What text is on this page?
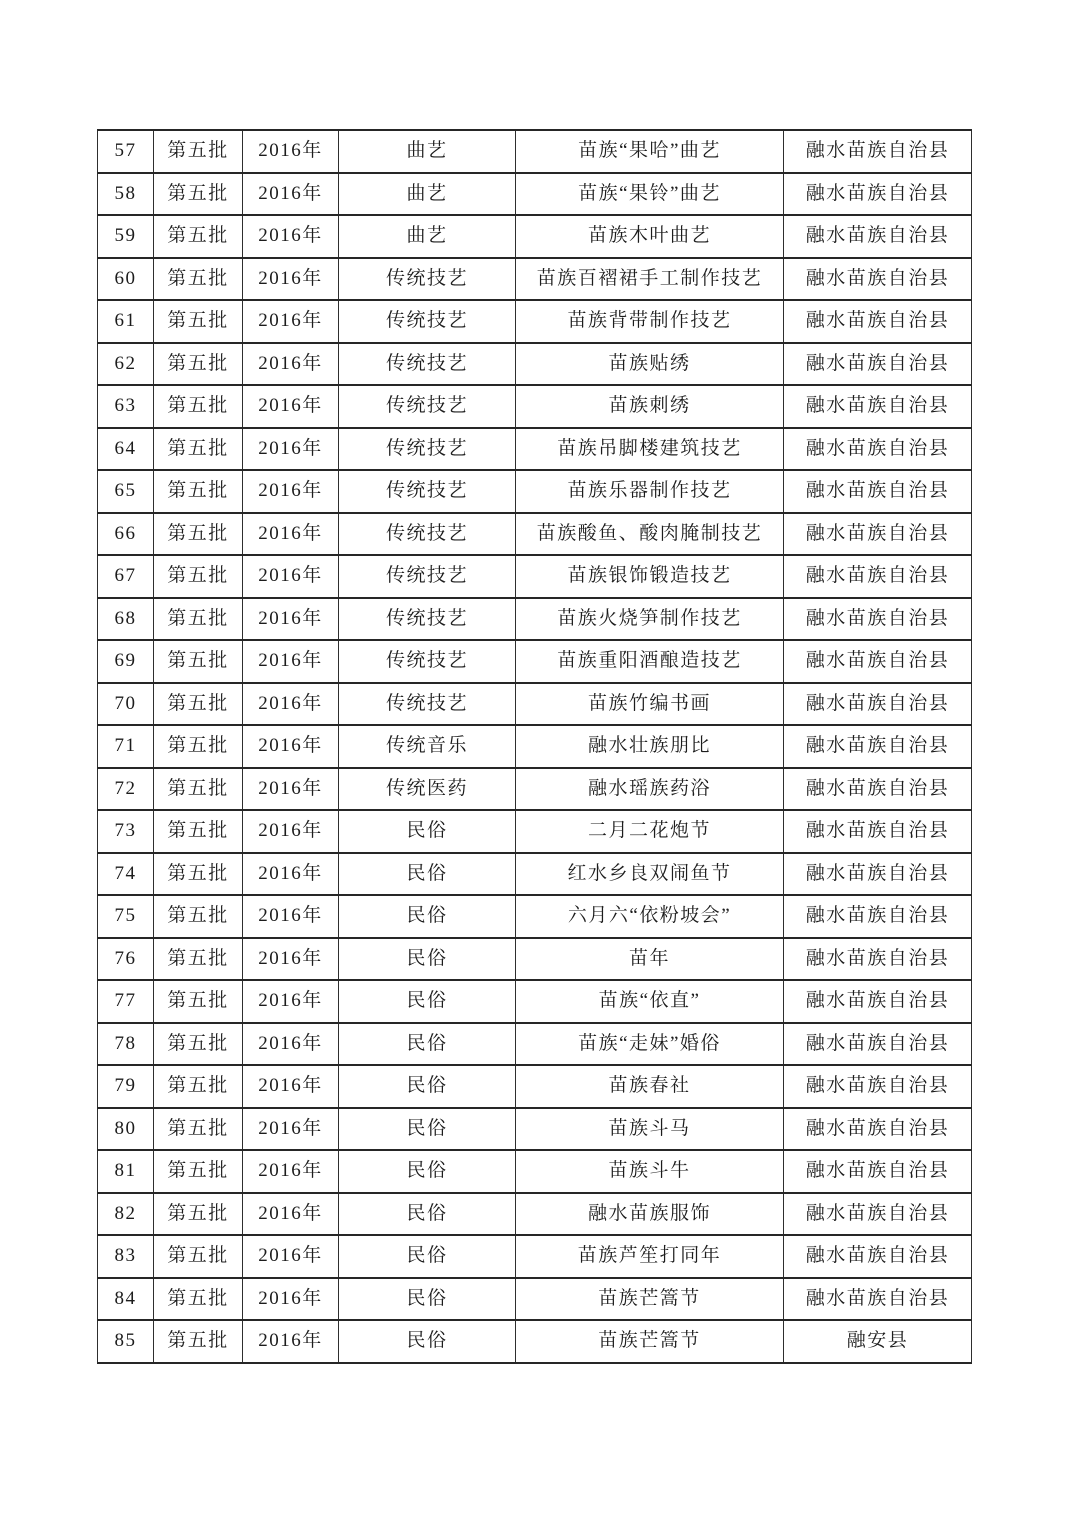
57	第五批	2016年	曲艺	苗族“果哈”曲艺	融水苗族自治县
58	第五批	2016年	曲艺	苗族“果铃”曲艺	融水苗族自治县
59	第五批	2016年	曲艺	苗族木叶曲艺	融水苗族自治县
60	第五批	2016年	传统技艺	苗族百褶裙手工制作技艺	融水苗族自治县
61	第五批	2016年	传统技艺	苗族背带制作技艺	融水苗族自治县
62	第五批	2016年	传统技艺	苗族贴绣	融水苗族自治县
63	第五批	2016年	传统技艺	苗族刺绣	融水苗族自治县
64	第五批	2016年	传统技艺	苗族吊脚楼建筑技艺	融水苗族自治县
65	第五批	2016年	传统技艺	苗族乐器制作技艺	融水苗族自治县
66	第五批	2016年	传统技艺	苗族酸鱼、酸肉腌制技艺	融水苗族自治县
67	第五批	2016年	传统技艺	苗族银饰锻造技艺	融水苗族自治县
68	第五批	2016年	传统技艺	苗族火烧笋制作技艺	融水苗族自治县
69	第五批	2016年	传统技艺	苗族重阳酒酿造技艺	融水苗族自治县
70	第五批	2016年	传统技艺	苗族竹编书画	融水苗族自治县
71	第五批	2016年	传统音乐	融水壮族朋比	融水苗族自治县
72	第五批	2016年	传统医药	融水瑶族药浴	融水苗族自治县
73	第五批	2016年	民俗	二月二花炮节	融水苗族自治县
74	第五批	2016年	民俗	红水乡良双闹鱼节	融水苗族自治县
75	第五批	2016年	民俗	六月六“依粉坡会”	融水苗族自治县
76	第五批	2016年	民俗	苗年	融水苗族自治县
77	第五批	2016年	民俗	苗族“依直”	融水苗族自治县
78	第五批	2016年	民俗	苗族“走妹”婚俗	融水苗族自治县
79	第五批	2016年	民俗	苗族春社	融水苗族自治县
80	第五批	2016年	民俗	苗族斗马	融水苗族自治县
81	第五批	2016年	民俗	苗族斗牛	融水苗族自治县
82	第五批	2016年	民俗	融水苗族服饰	融水苗族自治县
83	第五批	2016年	民俗	苗族芦笙打同年	融水苗族自治县
84	第五批	2016年	民俗	苗族芒篙节	融水苗族自治县
85	第五批	2016年	民俗	苗族芒篙节	融安县
